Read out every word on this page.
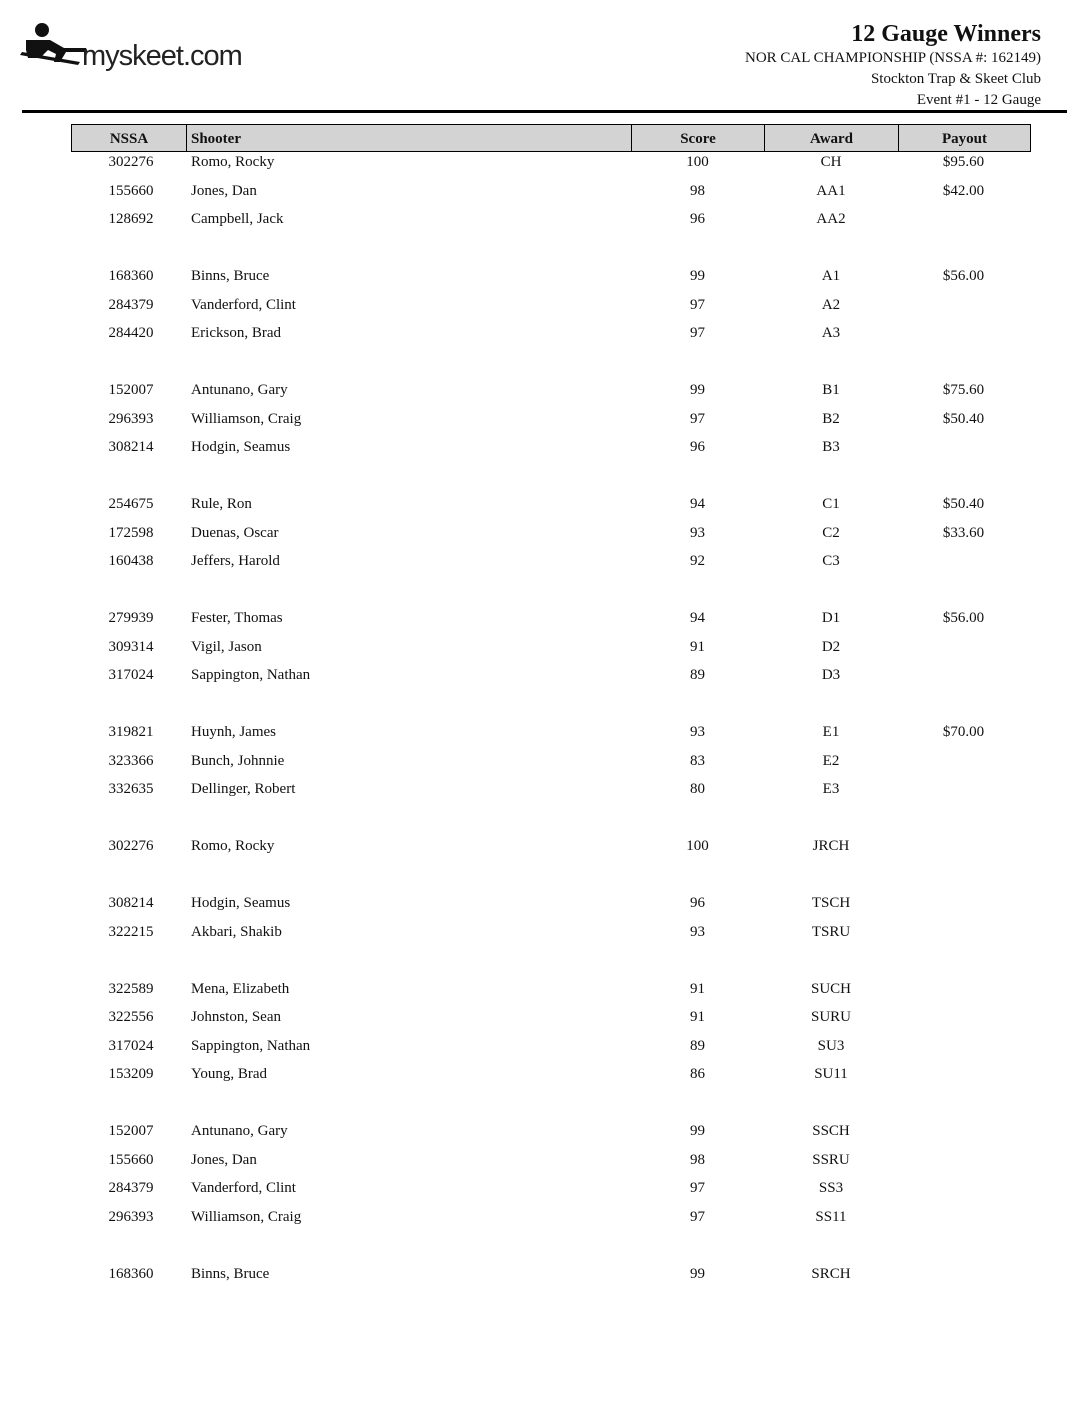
myskeet.com
12 Gauge Winners
NOR CAL CHAMPIONSHIP (NSSA #: 162149)
Stockton Trap & Skeet Club
Event #1 - 12 Gauge
NSSA	Shooter	Score	Award	Payout
302276	Romo, Rocky	100	CH	$95.60
155660	Jones, Dan	98	AA1	$42.00
128692	Campbell, Jack	96	AA2
168360	Binns, Bruce	99	A1	$56.00
284379	Vanderford, Clint	97	A2
284420	Erickson, Brad	97	A3
152007	Antunano, Gary	99	B1	$75.60
296393	Williamson, Craig	97	B2	$50.40
308214	Hodgin, Seamus	96	B3
254675	Rule, Ron	94	C1	$50.40
172598	Duenas, Oscar	93	C2	$33.60
160438	Jeffers, Harold	92	C3
279939	Fester, Thomas	94	D1	$56.00
309314	Vigil, Jason	91	D2
317024	Sappington, Nathan	89	D3
319821	Huynh, James	93	E1	$70.00
323366	Bunch, Johnnie	83	E2
332635	Dellinger, Robert	80	E3
302276	Romo, Rocky	100	JRCH
308214	Hodgin, Seamus	96	TSCH
322215	Akbari, Shakib	93	TSRU
322589	Mena, Elizabeth	91	SUCH
322556	Johnston, Sean	91	SURU
317024	Sappington, Nathan	89	SU3
153209	Young, Brad	86	SU11
152007	Antunano, Gary	99	SSCH
155660	Jones, Dan	98	SSRU
284379	Vanderford, Clint	97	SS3
296393	Williamson, Craig	97	SS11
168360	Binns, Bruce	99	SRCH
